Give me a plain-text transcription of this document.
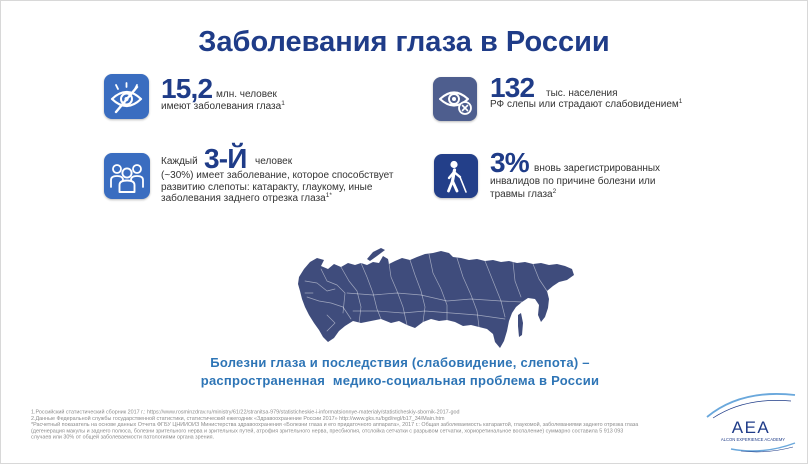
Заболевания глаза в России
15,2 млн. человек
имеют заболевания глаза$^1$
132 тыс. населения
РФ слепы или страдают слабовидением$^1$
Каждый 3-Й человек
(~30%) имеет заболевание, которое способствует
развитию слепоты: катаракту, глаукому, иные
заболевания заднего отрезка глаза$^{1*}$
3% вновь зарегистрированных
инвалидов по причине болезни или
травмы глаза$^2$
Болезни глаза и последствия (слабовидение, слепота) –
распространенная  медико-социальная проблема в России
1.Российский статистический сборник 2017 г.: https://www.rosminzdrav.ru/ministry/61/22/stranitsa-979/statisticheskie-i-informatsionnye-materialy/statisticheskiy-sbornik-2017-god
2.Данные Федеральной службы государственной статистики, статистический ежегодник «Здравоохранение России 2017» http://www.gks.ru/bgd/regl/b17_34/Main.htm
*Расчетный показатель на основе данных Отчета ФГБУ ЦНИИОИЗ Министерства здравоохранения «Болезни глаза и его придаточного аппарата», 2017 г.: Общая заболеваемость катарактой, глаукомой, заболеваниями заднего отрезка глаза
(дегенерация макулы и заднего полюса, болезни зрительного нерва и зрительных путей, атрофия зрительного нерва, пресбиопия, отслойка сетчатки с разрывом сетчатки, хориоретинальное воспаление) суммарно составила 5 913 093
случаев или 30% от общей заболеваемости патологиями органа зрения.	AEA
ALCON EXPERIENCE ACADEMY
